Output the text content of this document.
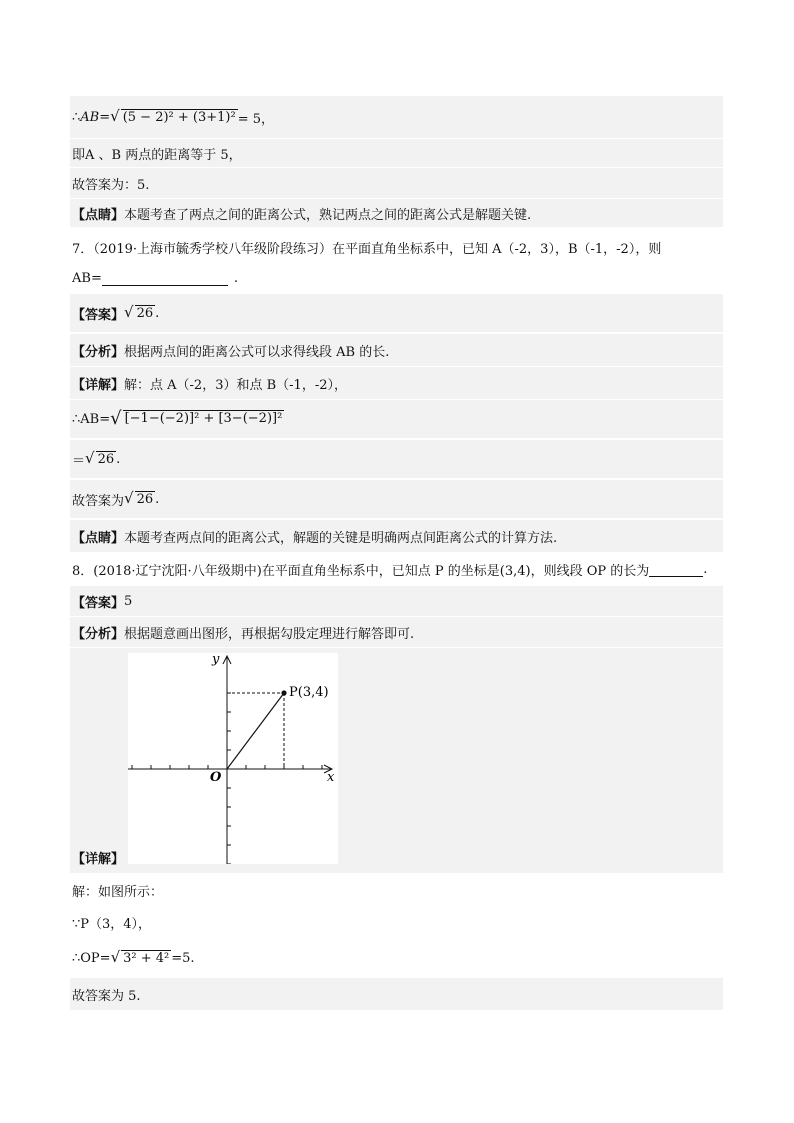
∴ AB = √ (5 − 2)² + (3+1)² = 5，
即A 、B 两点的距离等于 5，
故答案为：5.
【点睛】 本题考查了两点之间的距离公式，熟记两点之间的距离公式是解题关键.
7．（2019·上海市毓秀学校八年级阶段练习）在平面直角坐标系中，已知 A（-2，3），B（-1，-2），则
AB=	.
【答案】 √ 26 .
【分析】 根据两点间的距离公式可以求得线段 AB 的长.
【详解】 解：点 A（-2，3）和点 B（-1，-2），
∴AB= √ [−1−(−2)]² + [3−(−2)]²
＝ √ 26 .
故答案为 √ 26 .
【点睛】 本题考查两点间的距离公式，解题的关键是明确两点间距离公式的计算方法.
8．(2018·辽宁沈阳·八年级期中)在平面直角坐标系中，已知点 P 的坐标是(3,4)，则线段 OP 的长为	.
【答案】 5
【分析】 根据题意画出图形，再根据勾股定理进行解答即可.
【详解】
y
x
O
P(3,4)
解：如图所示：
∵P（3，4），
∴OP= √ 3² + 4² =5.
故答案为 5.
